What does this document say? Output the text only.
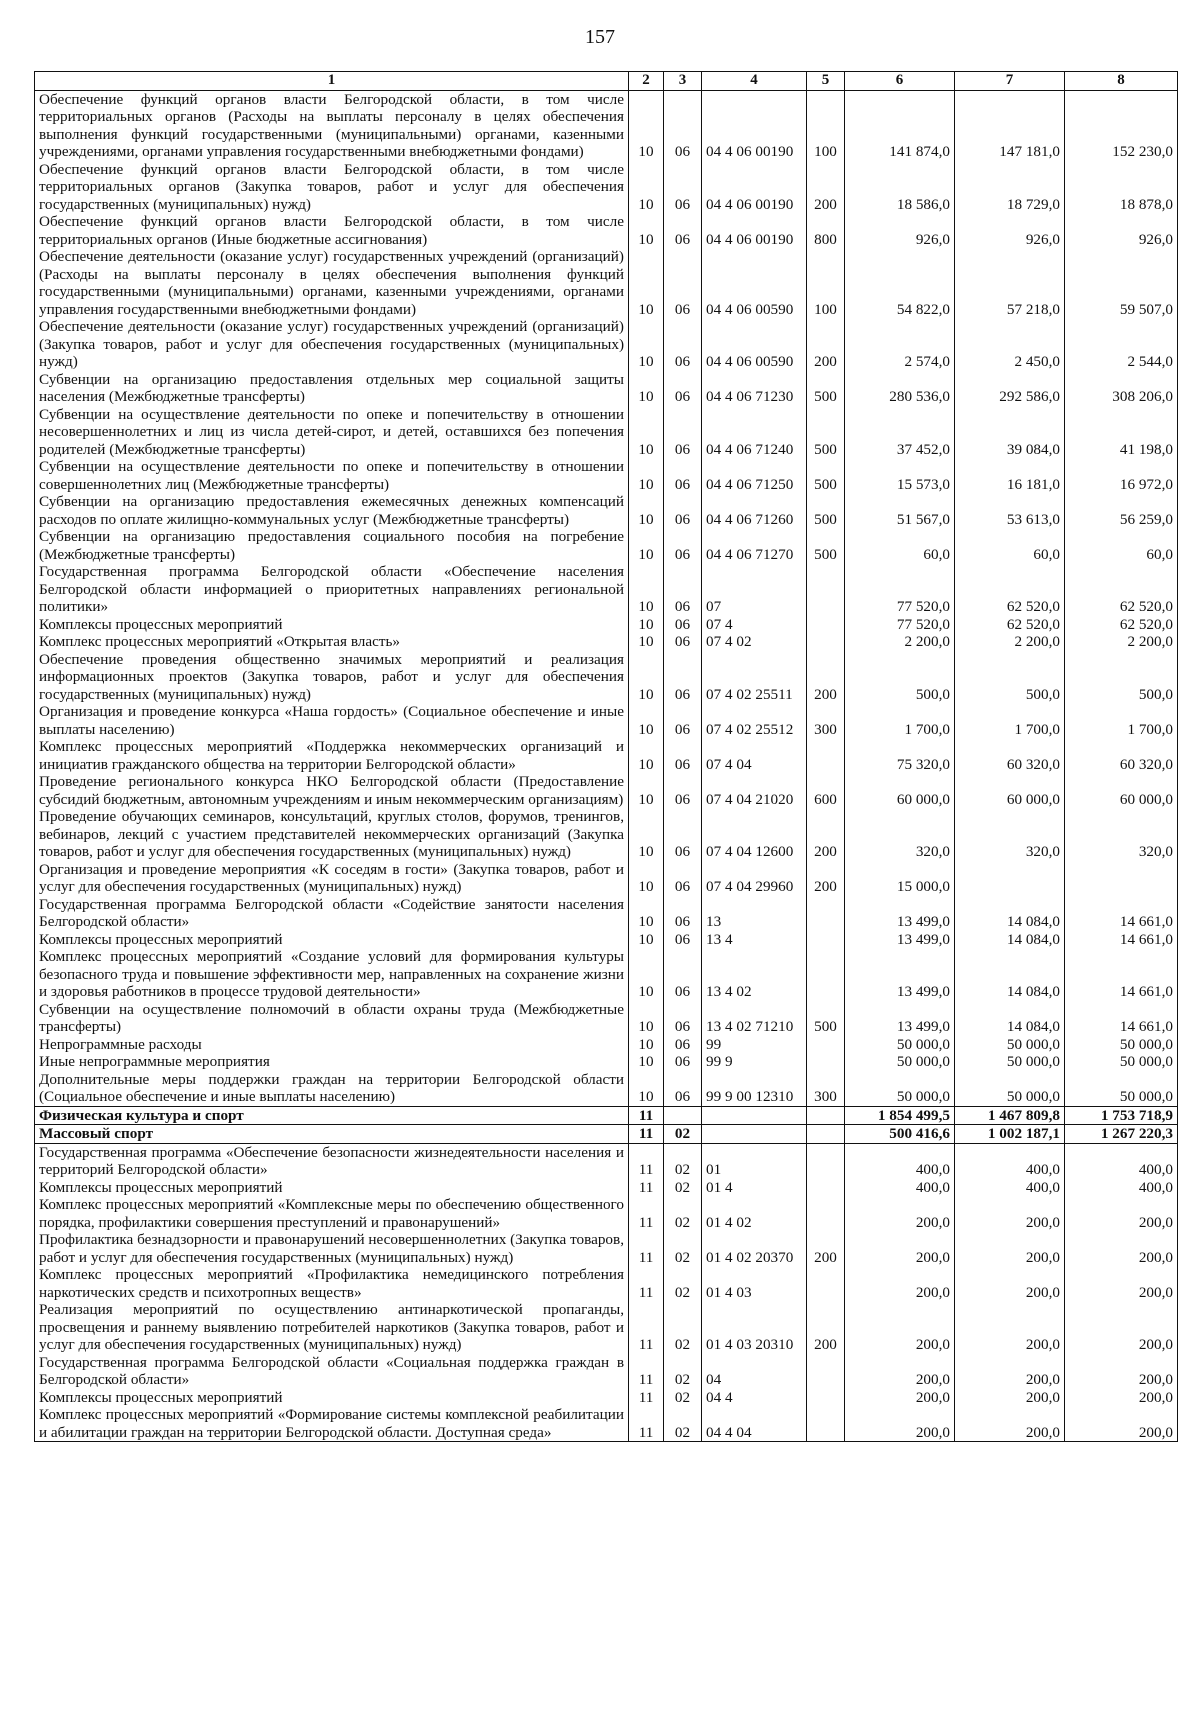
157
1	2	3	4	5	6	7	8
Обеспечение функций органов власти Белгородской области, в том числе территориальных органов (Расходы на выплаты персоналу в целях обеспечения выполнения функций государственными (муниципальными) органами, казенными учреждениями, органами управления государственными внебюджетными фондами)	10	06	04 4 06 00190	100	141 874,0	147 181,0	152 230,0
Обеспечение функций органов власти Белгородской области, в том числе территориальных органов (Закупка товаров, работ и услуг для обеспечения государственных (муниципальных) нужд)	10	06	04 4 06 00190	200	18 586,0	18 729,0	18 878,0
Обеспечение функций органов власти Белгородской области, в том числе территориальных органов (Иные бюджетные ассигнования)	10	06	04 4 06 00190	800	926,0	926,0	926,0
Обеспечение деятельности (оказание услуг) государственных учреждений (организаций) (Расходы на выплаты персоналу в целях обеспечения выполнения функций государственными (муниципальными) органами, казенными учреждениями, органами управления государственными внебюджетными фондами)	10	06	04 4 06 00590	100	54 822,0	57 218,0	59 507,0
Обеспечение деятельности (оказание услуг) государственных учреждений (организаций) (Закупка товаров, работ и услуг для обеспечения государственных (муниципальных) нужд)	10	06	04 4 06 00590	200	2 574,0	2 450,0	2 544,0
Субвенции на организацию предоставления отдельных мер социальной защиты населения (Межбюджетные трансферты)	10	06	04 4 06 71230	500	280 536,0	292 586,0	308 206,0
Субвенции на осуществление деятельности по опеке и попечительству в отношении несовершеннолетних и лиц из числа детей-сирот, и детей, оставшихся без попечения родителей (Межбюджетные трансферты)	10	06	04 4 06 71240	500	37 452,0	39 084,0	41 198,0
Субвенции на осуществление деятельности по опеке и попечительству в отношении совершеннолетних лиц (Межбюджетные трансферты)	10	06	04 4 06 71250	500	15 573,0	16 181,0	16 972,0
Субвенции на организацию предоставления ежемесячных денежных компенсаций расходов по оплате жилищно-коммунальных услуг (Межбюджетные трансферты)	10	06	04 4 06 71260	500	51 567,0	53 613,0	56 259,0
Субвенции на организацию предоставления социального пособия на погребение (Межбюджетные трансферты)	10	06	04 4 06 71270	500	60,0	60,0	60,0
Государственная программа Белгородской области «Обеспечение населения Белгородской области информацией о приоритетных направлениях региональной политики»	10	06	07		77 520,0	62 520,0	62 520,0
Комплексы процессных мероприятий	10	06	07 4		77 520,0	62 520,0	62 520,0
Комплекс процессных мероприятий «Открытая власть»	10	06	07 4 02		2 200,0	2 200,0	2 200,0
Обеспечение проведения общественно значимых мероприятий и реализация информационных проектов (Закупка товаров, работ и услуг для обеспечения государственных (муниципальных) нужд)	10	06	07 4 02 25511	200	500,0	500,0	500,0
Организация и проведение конкурса «Наша гордость» (Социальное обеспечение и иные выплаты населению)	10	06	07 4 02 25512	300	1 700,0	1 700,0	1 700,0
Комплекс процессных мероприятий «Поддержка некоммерческих организаций и инициатив гражданского общества на территории Белгородской области»	10	06	07 4 04		75 320,0	60 320,0	60 320,0
Проведение регионального конкурса НКО Белгородской области (Предоставление субсидий бюджетным, автономным учреждениям и иным некоммерческим организациям)	10	06	07 4 04 21020	600	60 000,0	60 000,0	60 000,0
Проведение обучающих семинаров, консультаций, круглых столов, форумов, тренингов, вебинаров, лекций с участием представителей некоммерческих организаций (Закупка товаров, работ и услуг для обеспечения государственных (муниципальных) нужд)	10	06	07 4 04 12600	200	320,0	320,0	320,0
Организация и проведение мероприятия «К соседям в гости» (Закупка товаров, работ и услуг для обеспечения государственных (муниципальных) нужд)	10	06	07 4 04 29960	200	15 000,0		
Государственная программа Белгородской области «Содействие занятости населения Белгородской области»	10	06	13		13 499,0	14 084,0	14 661,0
Комплексы процессных мероприятий	10	06	13 4		13 499,0	14 084,0	14 661,0
Комплекс процессных мероприятий «Создание условий для формирования культуры безопасного труда и повышение эффективности мер, направленных на сохранение жизни и здоровья работников в процессе трудовой деятельности»	10	06	13 4 02		13 499,0	14 084,0	14 661,0
Субвенции на осуществление полномочий в области охраны труда (Межбюджетные трансферты)	10	06	13 4 02 71210	500	13 499,0	14 084,0	14 661,0
Непрограммные расходы	10	06	99		50 000,0	50 000,0	50 000,0
Иные непрограммные мероприятия	10	06	99 9		50 000,0	50 000,0	50 000,0
Дополнительные меры поддержки граждан на территории Белгородской области (Социальное обеспечение и иные выплаты населению)	10	06	99 9 00 12310	300	50 000,0	50 000,0	50 000,0
Физическая культура и спорт	11				1 854 499,5	1 467 809,8	1 753 718,9
Массовый спорт	11	02			500 416,6	1 002 187,1	1 267 220,3
Государственная программа «Обеспечение безопасности жизнедеятельности населения и территорий Белгородской области»	11	02	01		400,0	400,0	400,0
Комплексы процессных мероприятий	11	02	01 4		400,0	400,0	400,0
Комплекс процессных мероприятий «Комплексные меры по обеспечению общественного порядка, профилактики совершения преступлений и правонарушений»	11	02	01 4 02		200,0	200,0	200,0
Профилактика безнадзорности и правонарушений несовершеннолетних (Закупка товаров, работ и услуг для обеспечения государственных (муниципальных) нужд)	11	02	01 4 02 20370	200	200,0	200,0	200,0
Комплекс процессных мероприятий «Профилактика немедицинского потребления наркотических средств и психотропных веществ»	11	02	01 4 03		200,0	200,0	200,0
Реализация мероприятий по осуществлению антинаркотической пропаганды, просвещения и раннему выявлению потребителей наркотиков (Закупка товаров, работ и услуг для обеспечения государственных (муниципальных) нужд)	11	02	01 4 03 20310	200	200,0	200,0	200,0
Государственная программа Белгородской области «Социальная поддержка граждан в Белгородской области»	11	02	04		200,0	200,0	200,0
Комплексы процессных мероприятий	11	02	04 4		200,0	200,0	200,0
Комплекс процессных мероприятий «Формирование системы комплексной реабилитации и абилитации граждан на территории Белгородской области. Доступная среда»	11	02	04 4 04		200,0	200,0	200,0
